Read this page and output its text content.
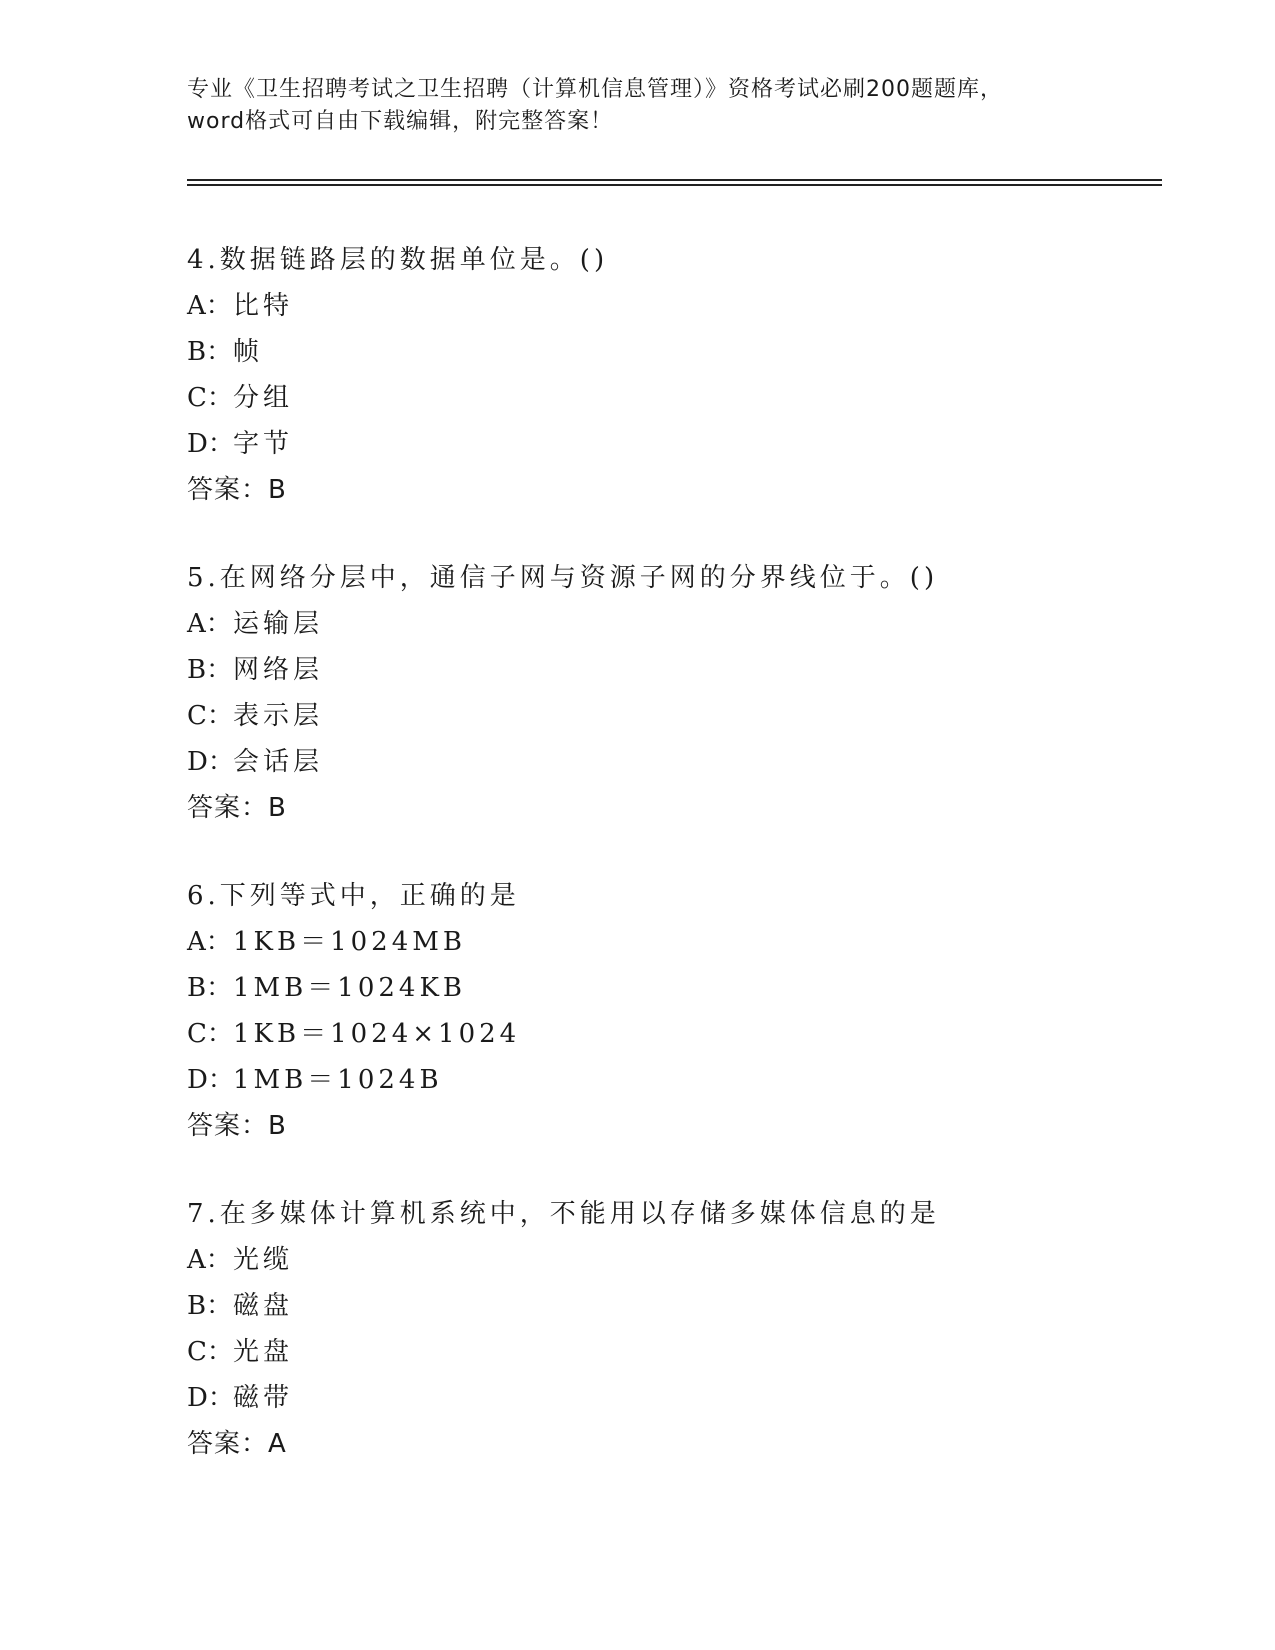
专业《卫生招聘考试之卫生招聘（计算机信息管理）》资格考试必刷200题题库，
word格式可自由下载编辑，附完整答案！
4.数据链路层的数据单位是。()
A：比特
B：帧
C：分组
D：字节
答案：B
5.在网络分层中，通信子网与资源子网的分界线位于。()
A：运输层
B：网络层
C：表示层
D：会话层
答案：B
6.下列等式中，正确的是
A：1KB＝1024MB
B：1MB＝1024KB
C：1KB＝1024×1024
D：1MB＝1024B
答案：B
7.在多媒体计算机系统中，不能用以存储多媒体信息的是
A：光缆
B：磁盘
C：光盘
D：磁带
答案：A
